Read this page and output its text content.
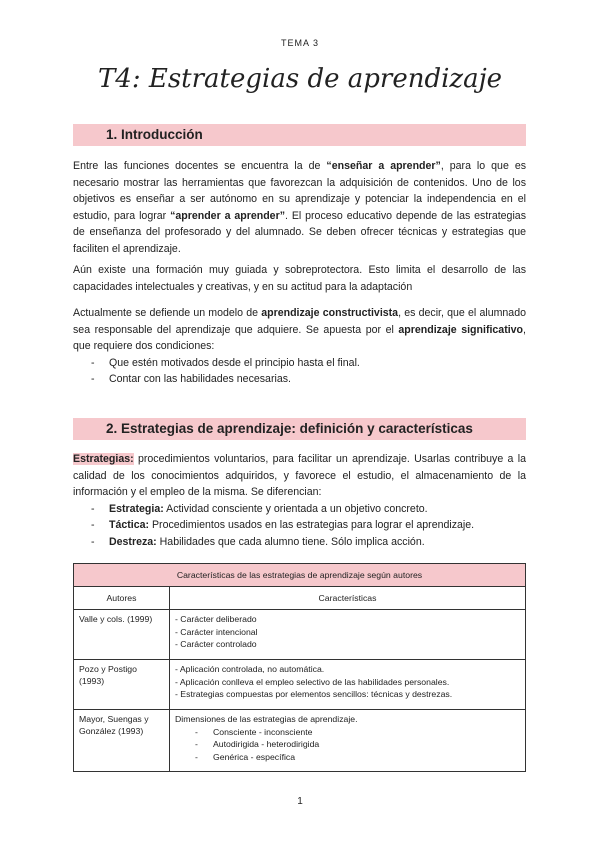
TEMA 3
T4: Estrategias de aprendizaje
1. Introducción
Entre las funciones docentes se encuentra la de “enseñar a aprender”, para lo que es necesario mostrar las herramientas que favorezcan la adquisición de contenidos. Uno de los objetivos es enseñar a ser autónomo en su aprendizaje y potenciar la independencia en el estudio, para lograr “aprender a aprender”. El proceso educativo depende de las estrategias de enseñanza del profesorado y del alumnado. Se deben ofrecer técnicas y estrategias que faciliten el aprendizaje.
Aún existe una formación muy guiada y sobreprotectora. Esto limita el desarrollo de las capacidades intelectuales y creativas, y en su actitud para la adaptación
Actualmente se defiende un modelo de aprendizaje constructivista, es decir, que el alumnado sea responsable del aprendizaje que adquiere. Se apuesta por el aprendizaje significativo, que requiere dos condiciones:
- Que estén motivados desde el principio hasta el final.
- Contar con las habilidades necesarias.
2. Estrategias de aprendizaje: definición y características
Estrategias: procedimientos voluntarios, para facilitar un aprendizaje. Usarlas contribuye a la calidad de los conocimientos adquiridos, y favorece el estudio, el almacenamiento de la información y el empleo de la misma. Se diferencian:
- Estrategia: Actividad consciente y orientada a un objetivo concreto.
- Táctica: Procedimientos usados en las estrategias para lograr el aprendizaje.
- Destreza: Habilidades que cada alumno tiene. Sólo implica acción.
Características de las estrategias de aprendizaje según autores	
Autores	Características
Valle y cols. (1999)	- Carácter deliberado
- Carácter intencional
- Carácter controlado

Pozo y Postigo (1993)	- Aplicación controlada, no automática.
- Aplicación conlleva el empleo selectivo de las habilidades personales.
- Estrategias compuestas por elementos sencillos: técnicas y destrezas.

Mayor, Suengas y González (1993)	Dimensiones de las estrategias de aprendizaje.
- Consciente - inconsciente
- Autodirigida - heterodirigida
- Genérica - específica
1
